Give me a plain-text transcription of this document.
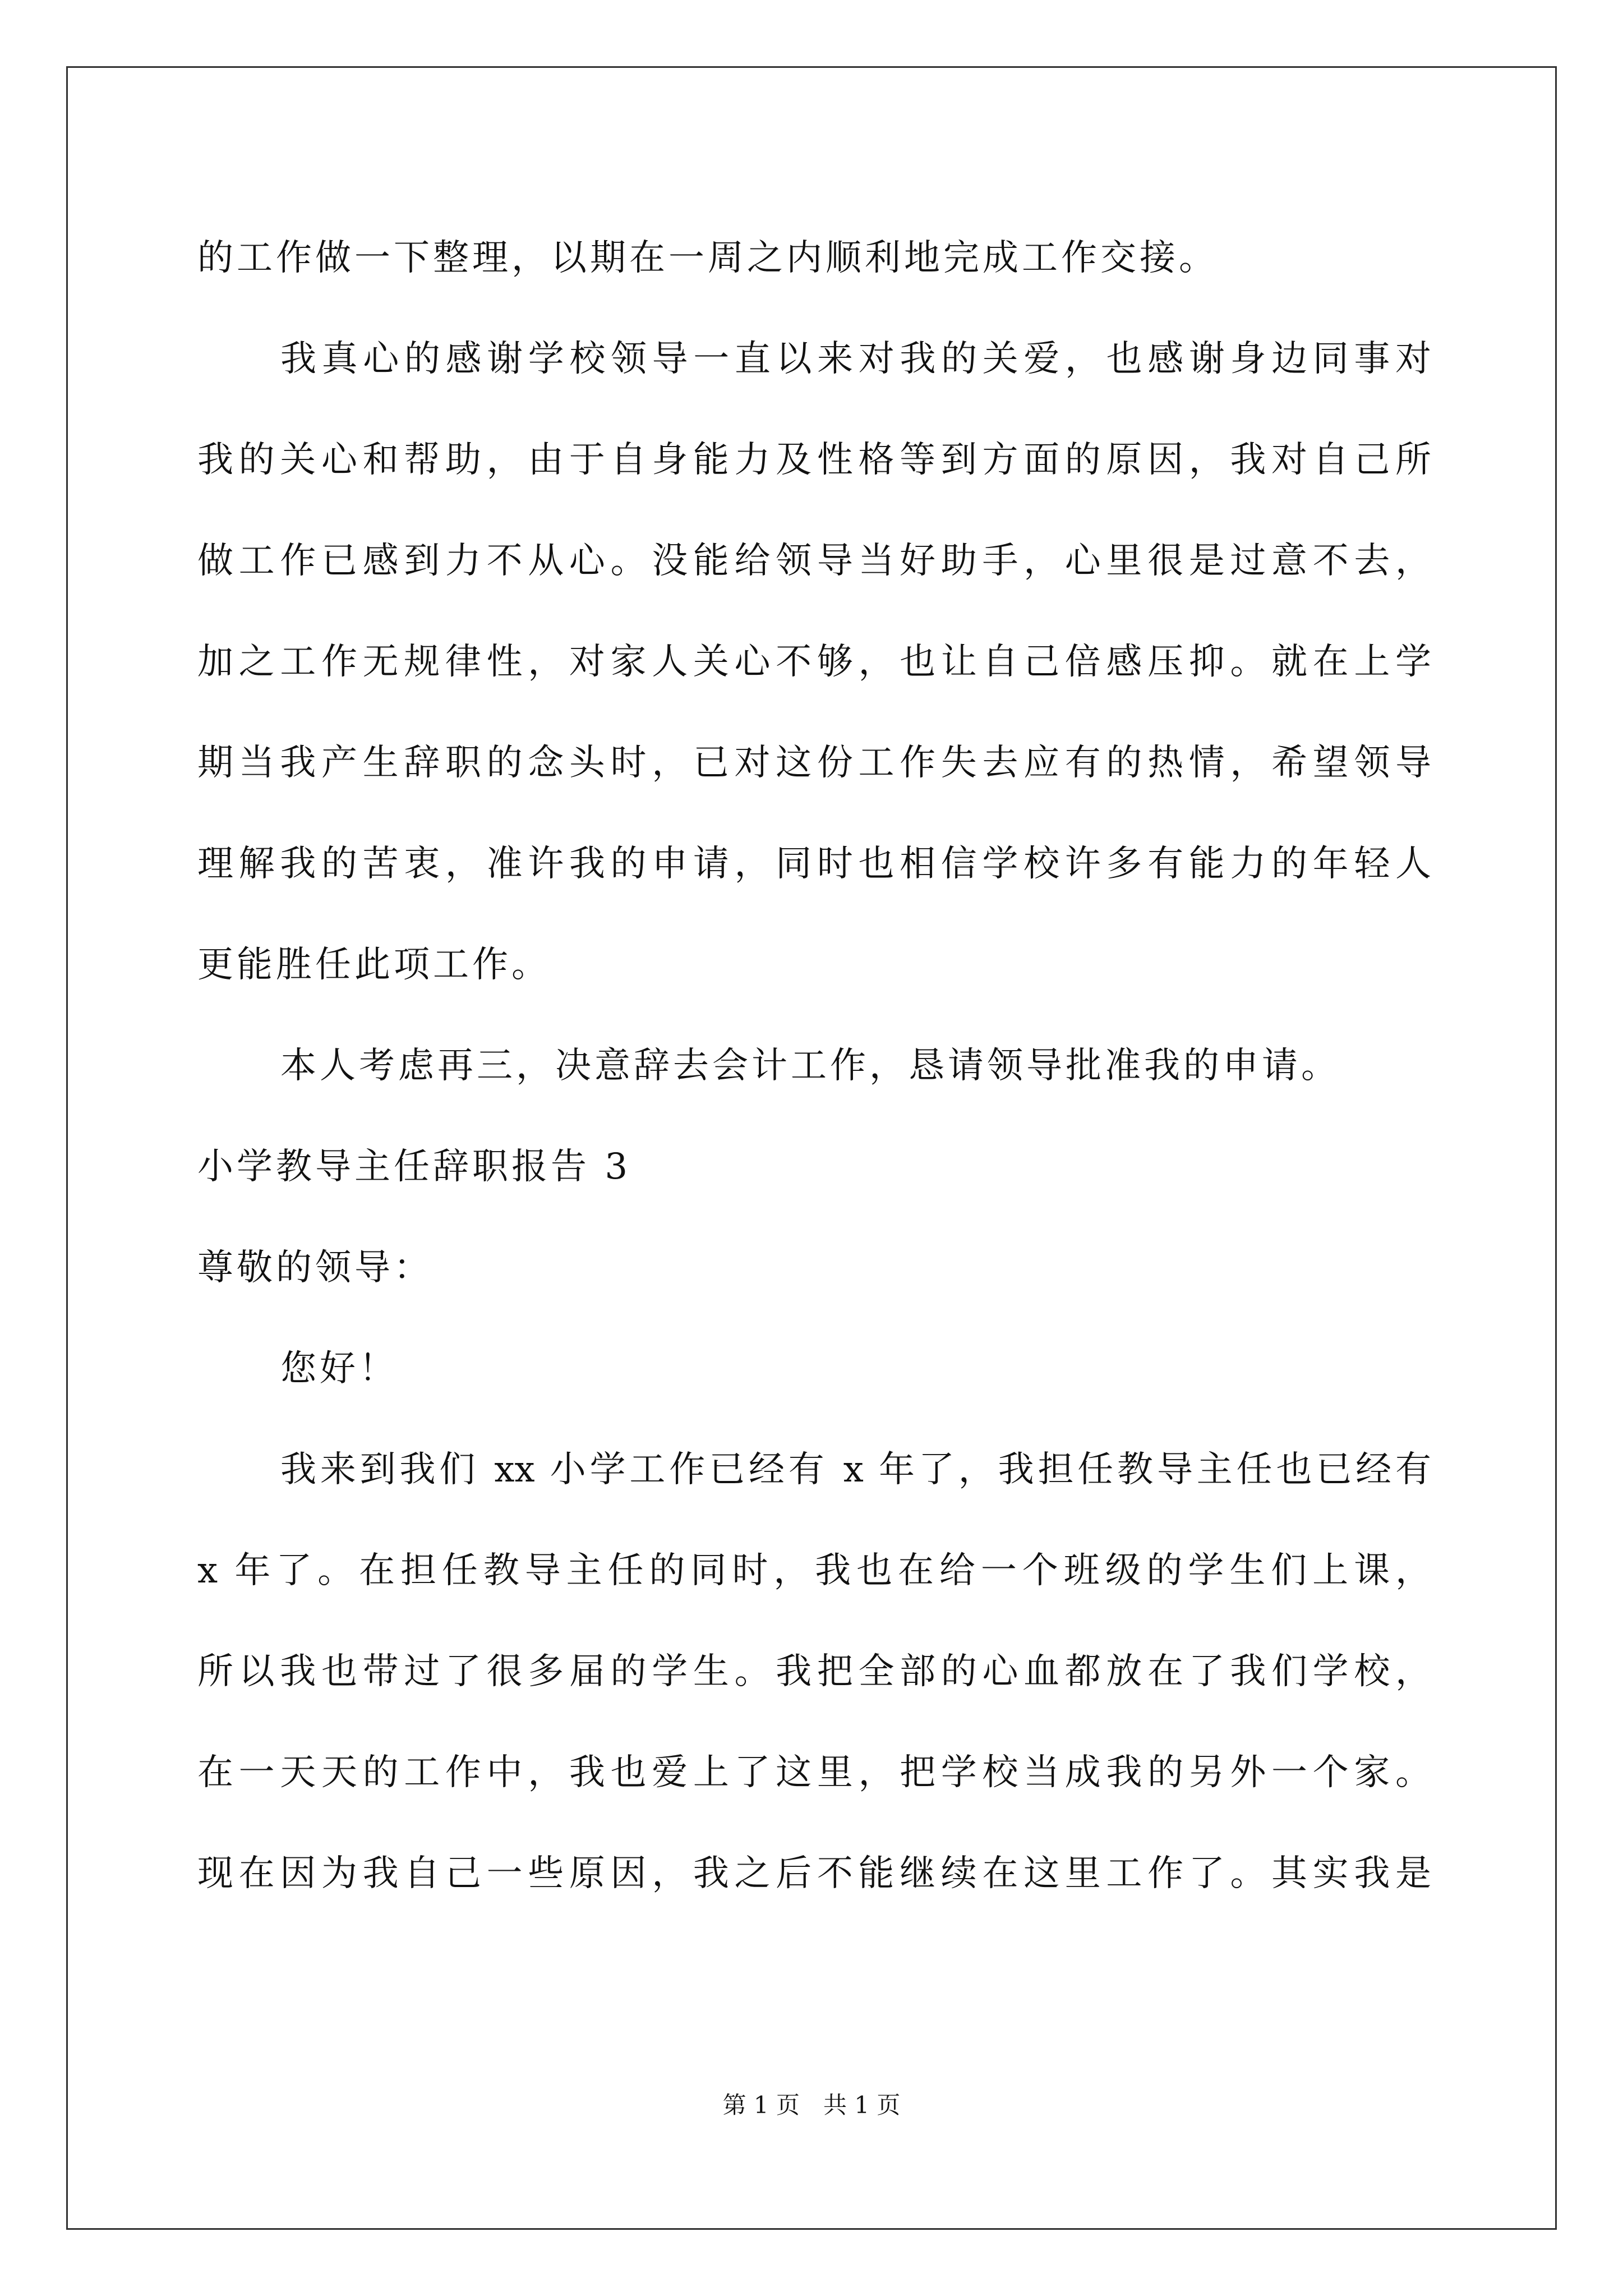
的工作做一下整理，以期在一周之内顺利地完成工作交接。
我真心的感谢学校领导一直以来对我的关爱，也感谢身边同事对
我的关心和帮助，由于自身能力及性格等到方面的原因，我对自己所
做工作已感到力不从心。没能给领导当好助手，心里很是过意不去，
加之工作无规律性，对家人关心不够，也让自己倍感压抑。就在上学
期当我产生辞职的念头时，已对这份工作失去应有的热情，希望领导
理解我的苦衷，准许我的申请，同时也相信学校许多有能力的年轻人
更能胜任此项工作。
本人考虑再三，决意辞去会计工作，恳请领导批准我的申请。
小学教导主任辞职报告 3
尊敬的领导：
您好！
我来到我们 xx 小学工作已经有 x 年了，我担任教导主任也已经有
x 年了。在担任教导主任的同时，我也在给一个班级的学生们上课，
所以我也带过了很多届的学生。我把全部的心血都放在了我们学校，
在一天天的工作中，我也爱上了这里，把学校当成我的另外一个家。
现在因为我自己一些原因，我之后不能继续在这里工作了。其实我是
第 1 页　共 1 页
